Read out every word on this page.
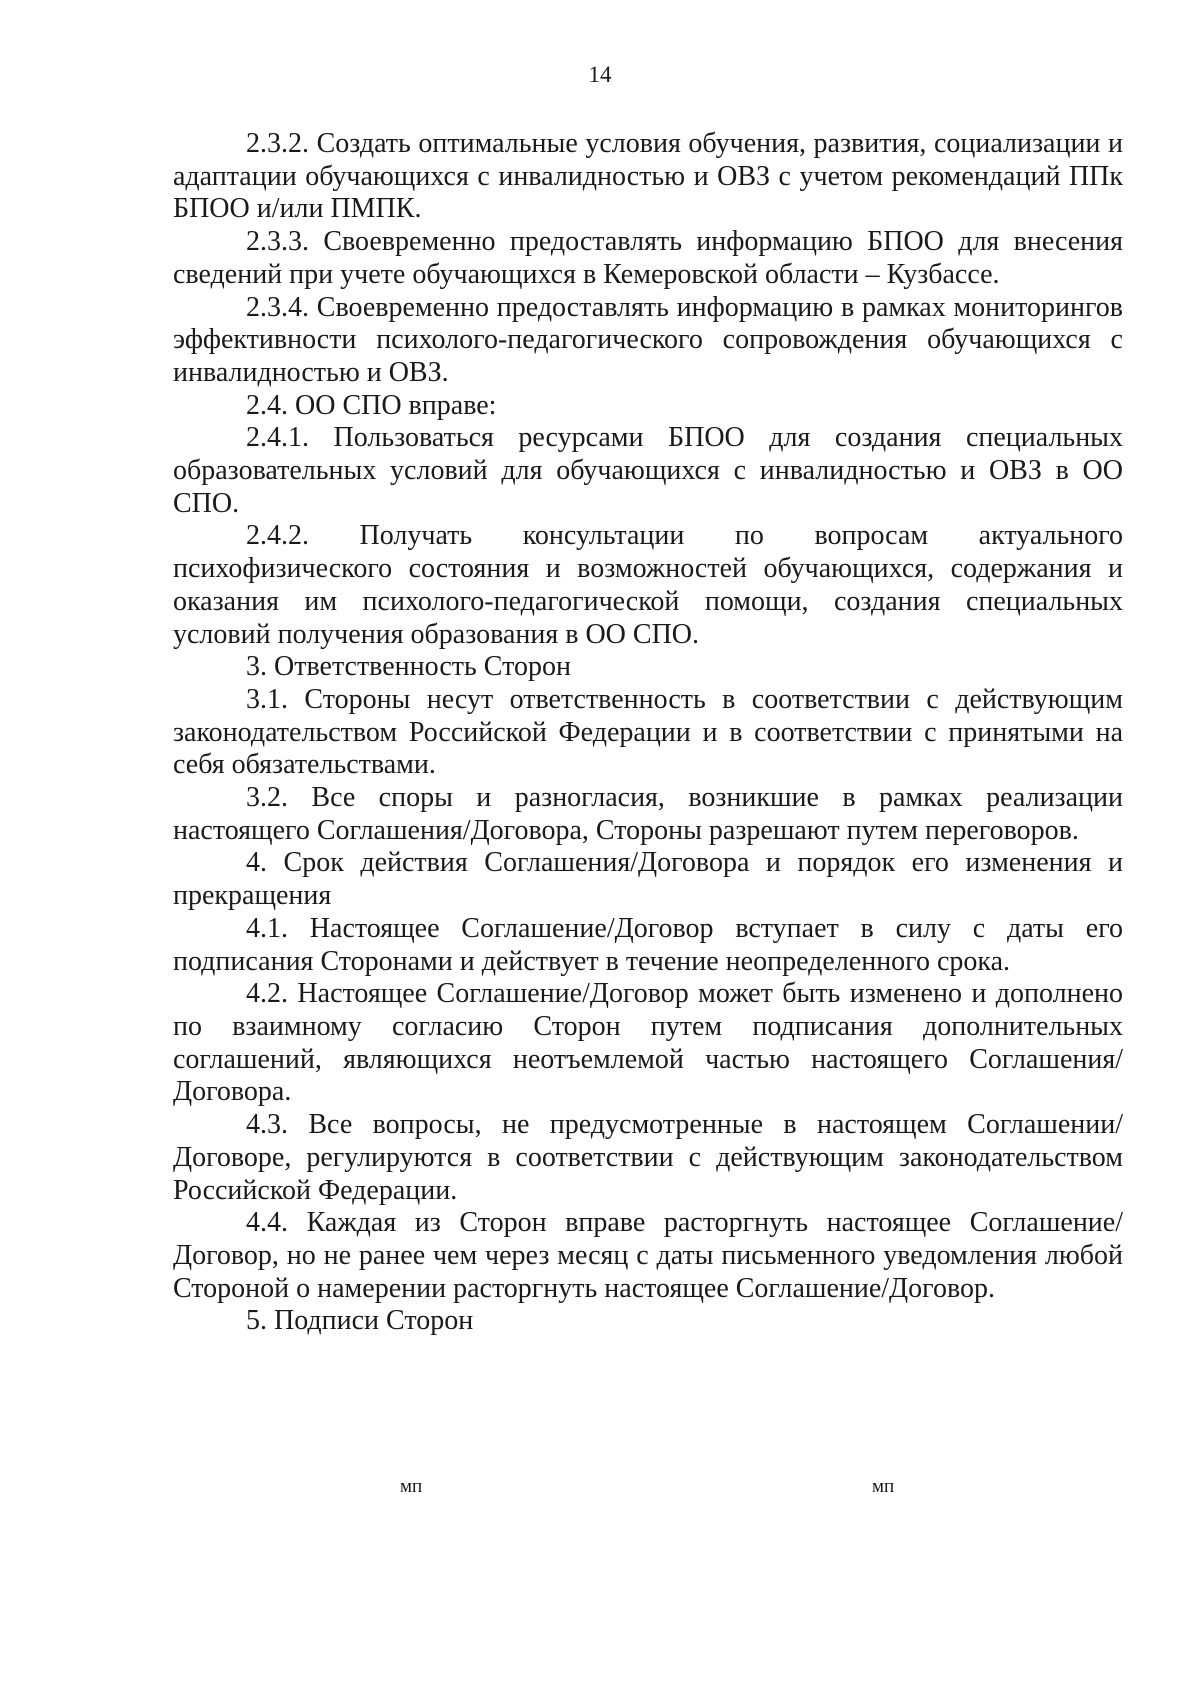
14

2.3.2. Создать оптимальные условия обучения, развития, социализации и адаптации обучающихся с инвалидностью и ОВЗ с учетом рекомендаций ППк БПОО и/или ПМПК.

2.3.3. Своевременно предоставлять информацию БПОО для внесения сведений при учете обучающихся в Кемеровской области – Кузбассе.

2.3.4. Своевременно предоставлять информацию в рамках мониторингов эффективности психолого-педагогического сопровождения обучающихся с инвалидностью и ОВЗ.

2.4. ОО СПО вправе:

2.4.1. Пользоваться ресурсами БПОО для создания специальных образовательных условий для обучающихся с инвалидностью и ОВЗ в ОО СПО.

2.4.2. Получать консультации по вопросам актуального психофизического состояния и возможностей обучающихся, содержания и оказания им психолого-педагогической помощи, создания специальных условий получения образования в ОО СПО.

3. Ответственность Сторон

3.1. Стороны несут ответственность в соответствии с действующим законодательством Российской Федерации и в соответствии с принятыми на себя обязательствами.

3.2. Все споры и разногласия, возникшие в рамках реализации настоящего Соглашения/Договора, Стороны разрешают путем переговоров.

4. Срок действия Соглашения/Договора и порядок его изменения и прекращения

4.1. Настоящее Соглашение/Договор вступает в силу с даты его подписания Сторонами и действует в течение неопределенного срока.

4.2. Настоящее Соглашение/Договор может быть изменено и дополнено по взаимному согласию Сторон путем подписания дополнительных соглашений, являющихся неотъемлемой частью настоящего Соглашения/Договора.

4.3. Все вопросы, не предусмотренные в настоящем Соглашении/Договоре, регулируются в соответствии с действующим законодательством Российской Федерации.

4.4. Каждая из Сторон вправе расторгнуть настоящее Соглашение/Договор, но не ранее чем через месяц с даты письменного уведомления любой Стороной о намерении расторгнуть настоящее Соглашение/Договор.

5. Подписи Сторон

мп	мп
